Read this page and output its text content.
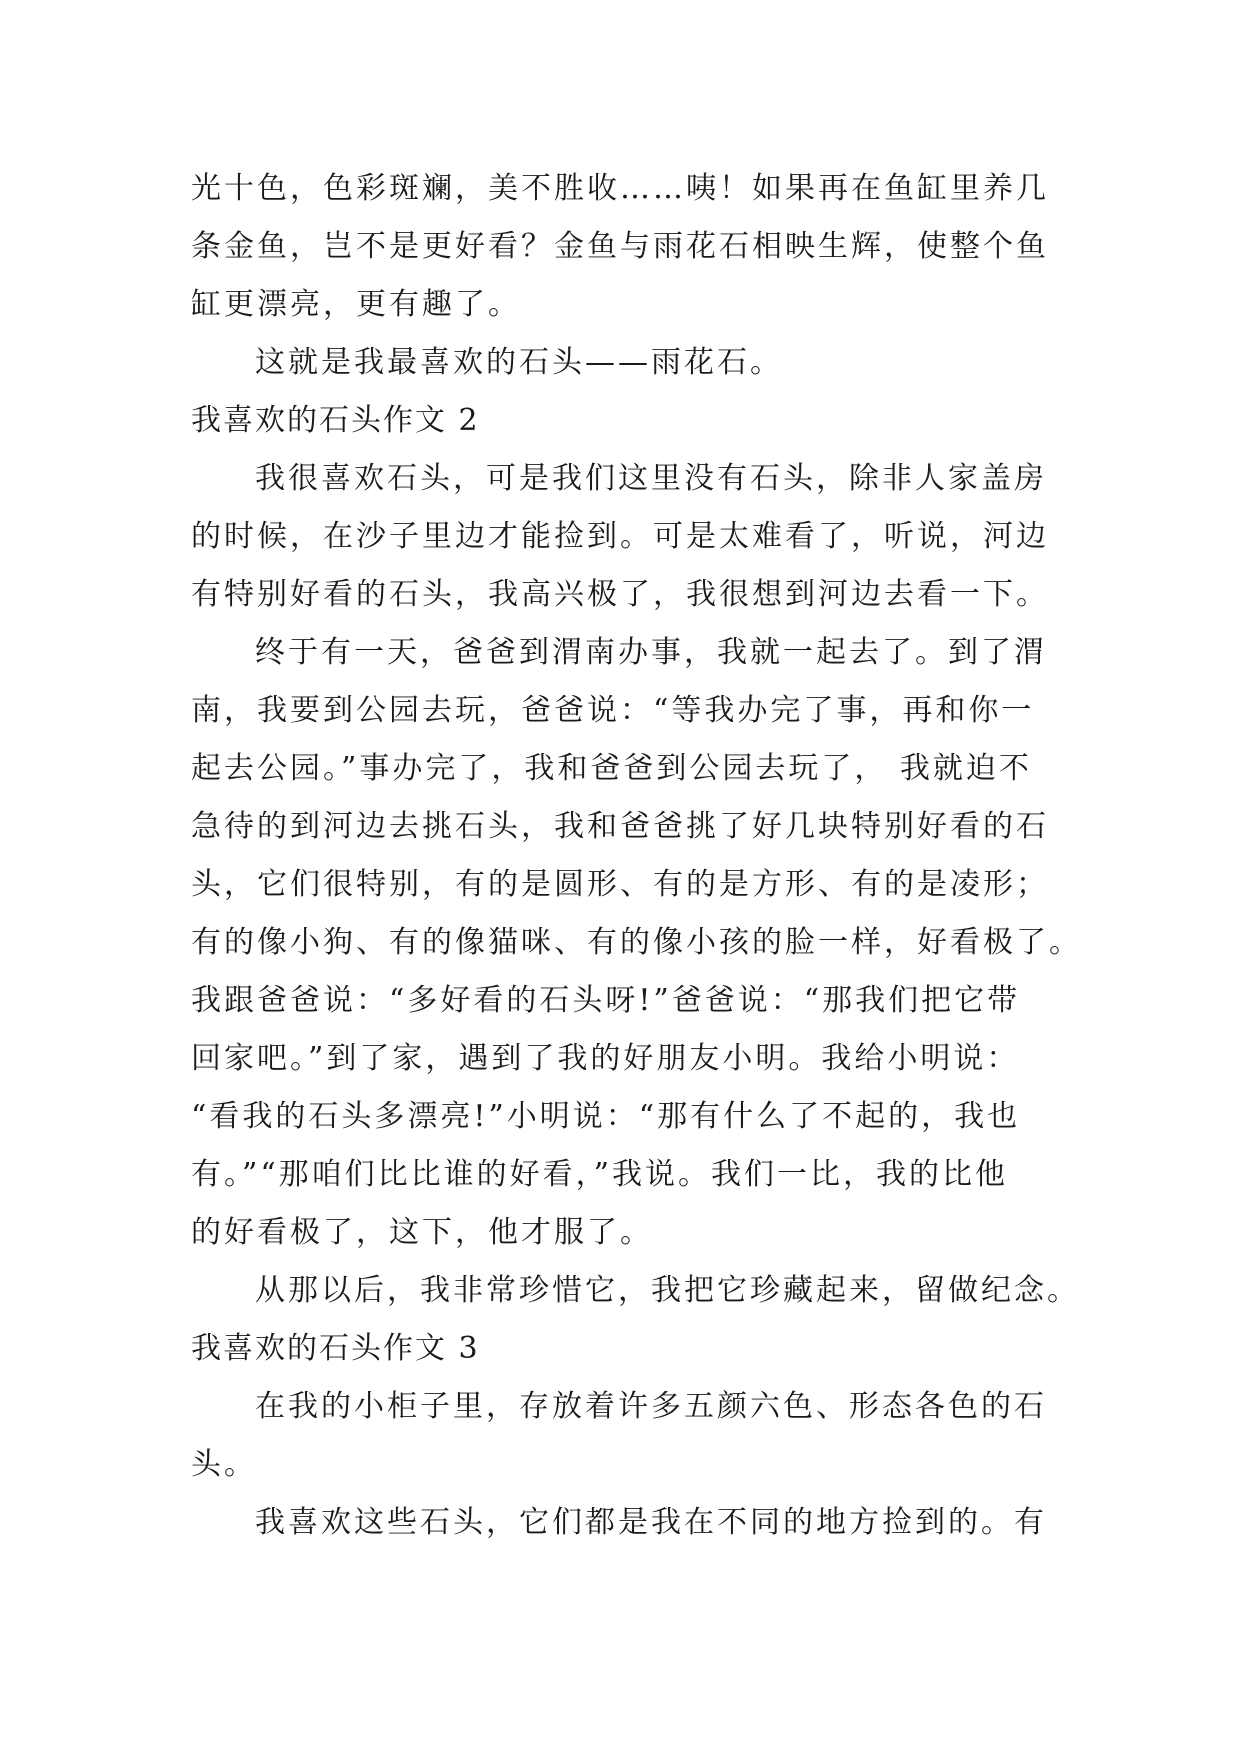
光十色，色彩斑斓，美不胜收……咦！如果再在鱼缸里养几
条金鱼，岂不是更好看？金鱼与雨花石相映生辉，使整个鱼
缸更漂亮，更有趣了。
这就是我最喜欢的石头——雨花石。
我喜欢的石头作文 2
我很喜欢石头，可是我们这里没有石头，除非人家盖房
的时候，在沙子里边才能捡到。可是太难看了，听说，河边
有特别好看的石头，我高兴极了，我很想到河边去看一下。
终于有一天，爸爸到渭南办事，我就一起去了。到了渭
南，我要到公园去玩，爸爸说：“等我办完了事，再和你一
起去公园。”事办完了，我和爸爸到公园去玩了， 我就迫不
急待的到河边去挑石头，我和爸爸挑了好几块特别好看的石
头，它们很特别，有的是圆形、有的是方形、有的是凌形；
有的像小狗、有的像猫咪、有的像小孩的脸一样，好看极了。
我跟爸爸说：“多好看的石头呀!”爸爸说：“那我们把它带
回家吧。”到了家，遇到了我的好朋友小明。我给小明说：
“看我的石头多漂亮!”小明说：“那有什么了不起的，我也
有。”“那咱们比比谁的好看，”我说。我们一比，我的比他
的好看极了，这下，他才服了。
从那以后，我非常珍惜它，我把它珍藏起来，留做纪念。
我喜欢的石头作文 3
在我的小柜子里，存放着许多五颜六色、形态各色的石
头。
我喜欢这些石头，它们都是我在不同的地方捡到的。有
